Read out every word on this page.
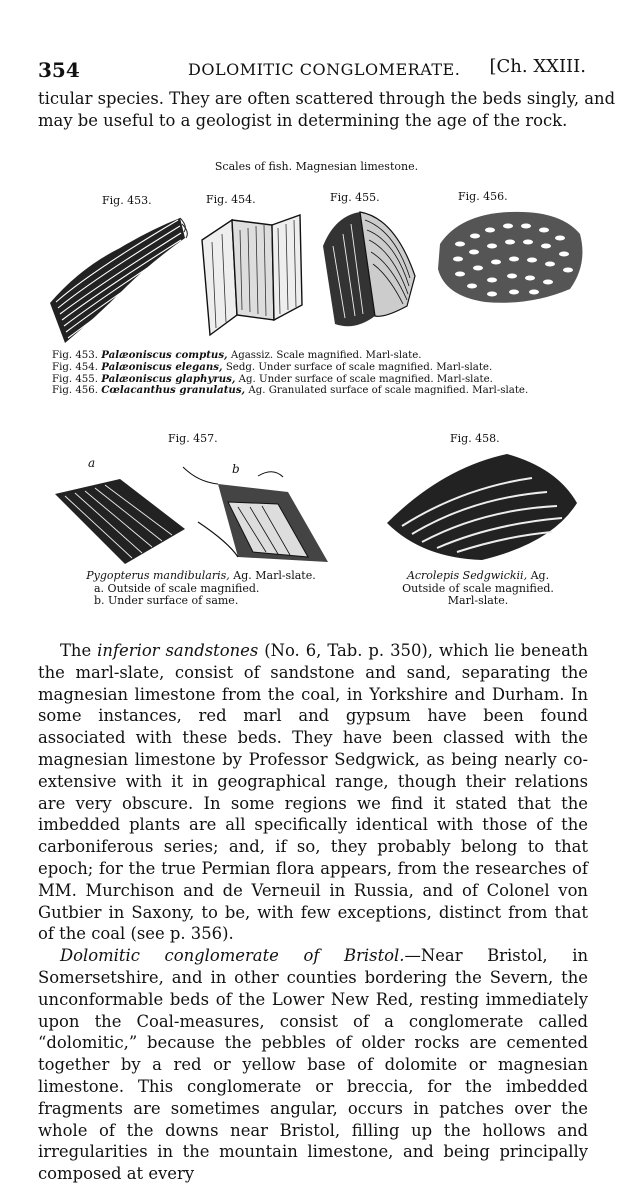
354	DOLOMITIC CONGLOMERATE. [Ch. XXIII.
ticular species. They are often scattered through the beds singly, and
may be useful to a geologist in determining the age of the rock.
Scales of fish. Magnesian limestone.
Fig. 453.	Fig. 454.	Fig. 455.	Fig. 456.
Fig. 453. Palæoniscus comptus, Agassiz. Scale magnified. Marl-slate.
Fig. 454. Palæoniscus elegans, Sedg. Under surface of scale magnified. Marl-slate.
Fig. 455. Palæoniscus glaphyrus, Ag. Under surface of scale magnified. Marl-slate.
Fig. 456. Cœlacanthus granulatus, Ag. Granulated surface of scale magnified. Marl-slate.
Fig. 457.	Fig. 458.
a	b
Pygopterus mandibularis, Ag. Marl-slate.
a. Outside of scale magnified.
b. Under surface of same.
Acrolepis Sedgwickii, Ag.
Outside of scale magnified.
Marl-slate.

The inferior sandstones (No. 6, Tab. p. 350), which lie beneath the marl-slate, consist of sandstone and sand, separating the magnesian limestone from the coal, in Yorkshire and Durham. In some instances, red marl and gypsum have been found associated with these beds. They have been classed with the magnesian limestone by Professor Sedgwick, as being nearly co-extensive with it in geographical range, though their relations are very obscure. In some regions we find it stated that the imbedded plants are all specifically identical with those of the carboniferous series; and, if so, they probably belong to that epoch; for the true Permian flora appears, from the researches of MM. Murchison and de Verneuil in Russia, and of Colonel von Gutbier in Saxony, to be, with few exceptions, distinct from that of the coal (see p. 356).

Dolomitic conglomerate of Bristol.—Near Bristol, in Somersetshire, and in other counties bordering the Severn, the unconformable beds of the Lower New Red, resting immediately upon the Coal-measures, consist of a conglomerate called “dolomitic,” because the pebbles of older rocks are cemented together by a red or yellow base of dolomite or magnesian limestone. This conglomerate or breccia, for the imbedded fragments are sometimes angular, occurs in patches over the whole of the downs near Bristol, filling up the hollows and irregularities in the mountain limestone, and being principally composed at every
